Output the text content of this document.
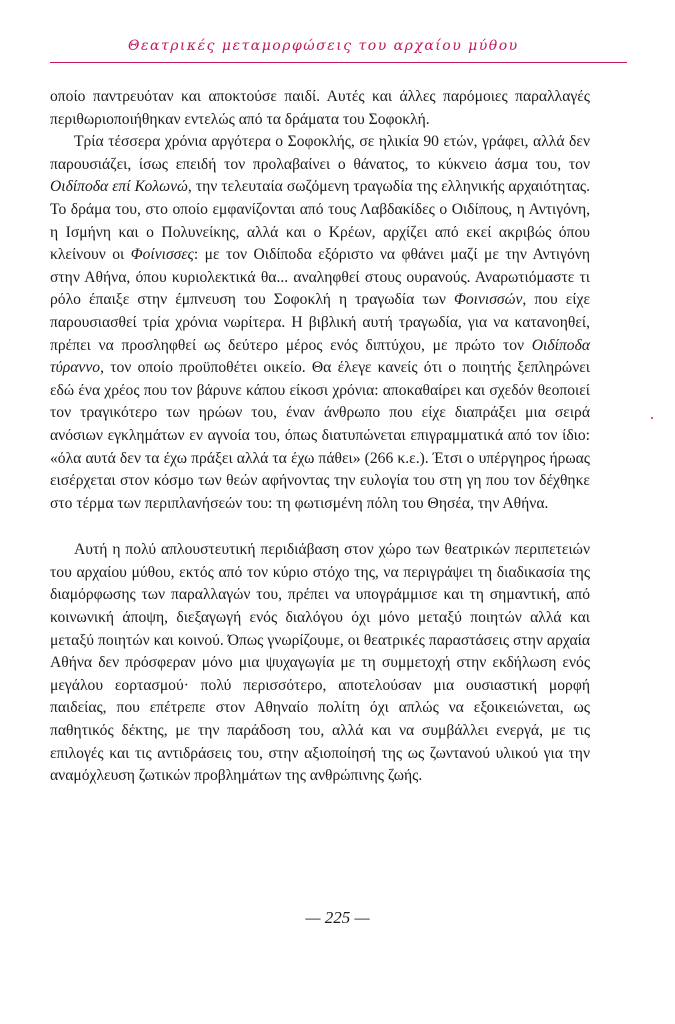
Θεατρικές μεταμορφώσεις του αρχαίου μύθου

οποίο παντρευόταν και αποκτούσε παιδί. Αυτές και άλλες παρόμοιες παραλλαγές περιθωριοποιήθηκαν εντελώς από τα δράματα του Σοφοκλή.

Τρία τέσσερα χρόνια αργότερα ο Σοφοκλής, σε ηλικία 90 ετών, γράφει, αλλά δεν παρουσιάζει, ίσως επειδή τον προλαβαίνει ο θάνατος, το κύκνειο άσμα του, τον Οιδίποδα επί Κολωνώ, την τελευταία σωζόμενη τραγωδία της ελληνικής αρχαιότητας. Το δράμα του, στο οποίο εμφανίζονται από τους Λαβδακίδες ο Οιδίπους, η Αντιγόνη, η Ισμήνη και ο Πολυνείκης, αλλά και ο Κρέων, αρχίζει από εκεί ακριβώς όπου κλείνουν οι Φοίνισσες: με τον Οιδίποδα εξόριστο να φθάνει μαζί με την Αντιγόνη στην Αθήνα, όπου κυριολεκτικά θα... αναληφθεί στους ουρανούς. Αναρωτιόμαστε τι ρόλο έπαιξε στην έμπνευση του Σοφοκλή η τραγωδία των Φοινισσών, που είχε παρουσιασθεί τρία χρόνια νωρίτερα. Η βιβλική αυτή τραγωδία, για να κατανοηθεί, πρέπει να προσληφθεί ως δεύτερο μέρος ενός διπτύχου, με πρώτο τον Οιδίποδα τύραννο, τον οποίο προϋποθέτει οικείο. Θα έλεγε κανείς ότι ο ποιητής ξεπληρώνει εδώ ένα χρέος που τον βάρυνε κάπου είκοσι χρόνια: αποκαθαίρει και σχεδόν θεοποιεί τον τραγικότερο των ηρώων του, έναν άνθρωπο που είχε διαπράξει μια σειρά ανόσιων εγκλημάτων εν αγνοία του, όπως διατυπώνεται επιγραμματικά από τον ίδιο: «όλα αυτά δεν τα έχω πράξει αλλά τα έχω πάθει» (266 κ.ε.). Έτσι ο υπέργηρος ήρωας εισέρχεται στον κόσμο των θεών αφήνοντας την ευλογία του στη γη που τον δέχθηκε στο τέρμα των περιπλανήσεών του: τη φωτισμένη πόλη του Θησέα, την Αθήνα.

Αυτή η πολύ απλουστευτική περιδιάβαση στον χώρο των θεατρικών περιπετειών του αρχαίου μύθου, εκτός από τον κύριο στόχο της, να περιγράψει τη διαδικασία της διαμόρφωσης των παραλλαγών του, πρέπει να υπογράμμισε και τη σημαντική, από κοινωνική άποψη, διεξαγωγή ενός διαλόγου όχι μόνο μεταξύ ποιητών αλλά και μεταξύ ποιητών και κοινού. Όπως γνωρίζουμε, οι θεατρικές παραστάσεις στην αρχαία Αθήνα δεν πρόσφεραν μόνο μια ψυχαγωγία με τη συμμετοχή στην εκδήλωση ενός μεγάλου εορτασμού· πολύ περισσότερο, αποτελούσαν μια ουσιαστική μορφή παιδείας, που επέτρεπε στον Αθηναίο πολίτη όχι απλώς να εξοικειώνεται, ως παθητικός δέκτης, με την παράδοση του, αλλά και να συμβάλλει ενεργά, με τις επιλογές και τις αντιδράσεις του, στην αξιοποίησή της ως ζωντανού υλικού για την αναμόχλευση ζωτικών προβλημάτων της ανθρώπινης ζωής.

— 225 —
